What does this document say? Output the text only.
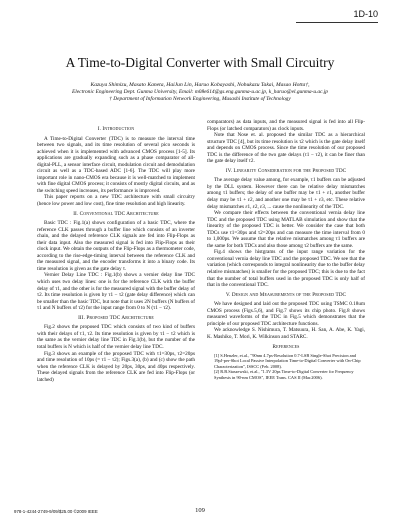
1D-10
A Time-to-Digital Converter with Small Circuitry
Kazuya Shimizu, Masato Kaneta, HaiJun Lin, Haruo Kobayashi, Nobukazu Takai, Masao Hotta†,
Electronic Engineering Dept. Gunma University, Email: m08e614@gs.eng.gunma-u.ac.jp, k_haruo@el.gunma-u.ac.jp
† Department of Information Network Engineering, Musashi Institute of Technology
I. Introduction

A Time-to-Digital Converter (TDC) is to measure the interval time between two signals, and its time resolution of several pico seconds is achieved when it is implemented with advanced CMOS process [1-5]. Its applications are gradually expanding such as a phase comparator of all-digital-PLL, a sensor interface circuit, modulation circuit and demodulation circuit as well as a TDC-based ADC [1-6]. The TDC will play more important role in nano-CMOS era because it is well-matched to implement with fine digital CMOS process; it consists of mostly digital circuits, and as the switching speed increases, its performance is improved.

This paper reports on a new TDC architecture with small circuitry (hence low power and low cost), fine time resolution and high linearity.

II. Conventional TDC Architecture

Basic TDC : Fig.1(a) shows configuration of a basic TDC, where the reference CLK passes through a buffer line which consists of an inverter chain, and the delayed reference CLK signals are fed into Flip-Flops as their data input. Also the measured signal is fed into Flip-Flops as their clock input. We obtain the outputs of the Flip-Flops as a thermometer code, according to the rise-edge-timing interval between the reference CLK and the measured signal, and the encoder transforms it into a binary code. Its time resolution is given as the gate delay τ.

Vernier Delay Line TDC : Fig.1(b) shows a vernier delay line TDC which uses two delay lines: one is for the reference CLK with the buffer delay of τ1, and the other is for the measured signal with the buffer delay of τ2. Its time resolution is given by τ1 − τ2 (gate delay difference) which can be smaller than the basic TDC, but note that it uses 2N buffers (N buffers of τ1 and N buffers of τ2) for the input range from 0 to N (τ1 − τ2).

III. Proposed TDC Architecture

Fig.2 shows the proposed TDC which consists of two kind of buffers with their delays of τ1, τ2. Its time resolution is given by τ1 − τ2 which is the same as the vernier delay line TDC in Fig.1(b), but the number of the total buffers is N which is half of the vernier delay line TDC.

Fig.3 shows an example of the proposed TDC with τ1=30ps, τ2=20ps and time resolution of 10ps (= τ1 − τ2); Figs.3(a), (b) and (c) show the path when the reference CLK is delayed by 20ps, 30ps, and 40ps respectively. These delayed signals from the reference CLK are fed into Flip-Flops (or latched)

comparators) as data inputs, and the measured signal is fed into all Flip-Flops (or latched comparators) as clock inputs.

Note that Nose et. al. proposed the similar TDC as a hierarchical structure TDC [4], but its time resolution is τ2 which is the gate delay itself and depends on CMOS process. Since the time resolution of our proposed TDC is the difference of the two gate delays (τ1 − τ2), it can be finer than the gate delay itself τ2.

IV. Linearity Consideration for the Proposed TDC

The average delay value among, for example, τ1 buffers can be adjusted by the DLL system. However there can be relative delay mismatches among τ1 buffers; the delay of one buffer may be τ1 + ε1, another buffer delay may be τ1 + ε2, and another one may be τ1 + ε3, etc. These relative delay mismatches ε1, ε2, ε3, ... cause the nonlinearity of the TDC.

We compare their effects between the conventional vernia delay line TDC and the proposed TDC using MATLAB simulation and show that the linearity of the proposed TDC is better. We consider the case that both TDCs use τ1=30ps and τ2=20ps and can measure the time interval from 0 to 1,000ps. We assume that the relative mismatches among τ1 buffers are the same for both TDCs and also those among τ2 buffers are the same.

Fig.4 shows the histgrams of the input range variation for the conventional vernia delay line TDC and the proposed TDC. We see that the variation (which corresponds to integral nonlinearity due to the buffer delay relative mismatches) is smaller for the proposed TDC; this is due to the fact that the number of total buffers used in the proposed TDC is only half of that in the conventional TDC.

V. Design and Measurements of the Proposed TDC

We have designed and laid out the proposed TDC using TSMC 0.18um CMOS process (Figs.5,6), and Fig.7 shows its chip photo. Fig.8 shows measured waveforms of the TDC in Fig.5 which demonstrates that the principle of our proposed TDC architecture functions.

We acknowledge S. Nishimura, T. Matsuura, H. San, A. Abe, K. Yagi, K. Mashiko, T. Mori, K. Wilkinson and STARC.

References

[1] S.Henzler, et.al., "90nm 4.7ps-Resolution 0.7-LSB Single-Shot Precision and 19pJ-per-Shot Local Passive Interpolation Time-to-Digital Converter with On-Chip Characterization", ISSCC (Feb. 2008).

[2] R.B.Staszewski, et.al., "1.3V 20ps Time-to-Digital Converter for Frequency Synthesis in 90-nm CMOS", IEEE Trans. CAS II (Mar.2006).

978-1-4244-2749-9/09/$25.00 ©2009 IEEE	109
